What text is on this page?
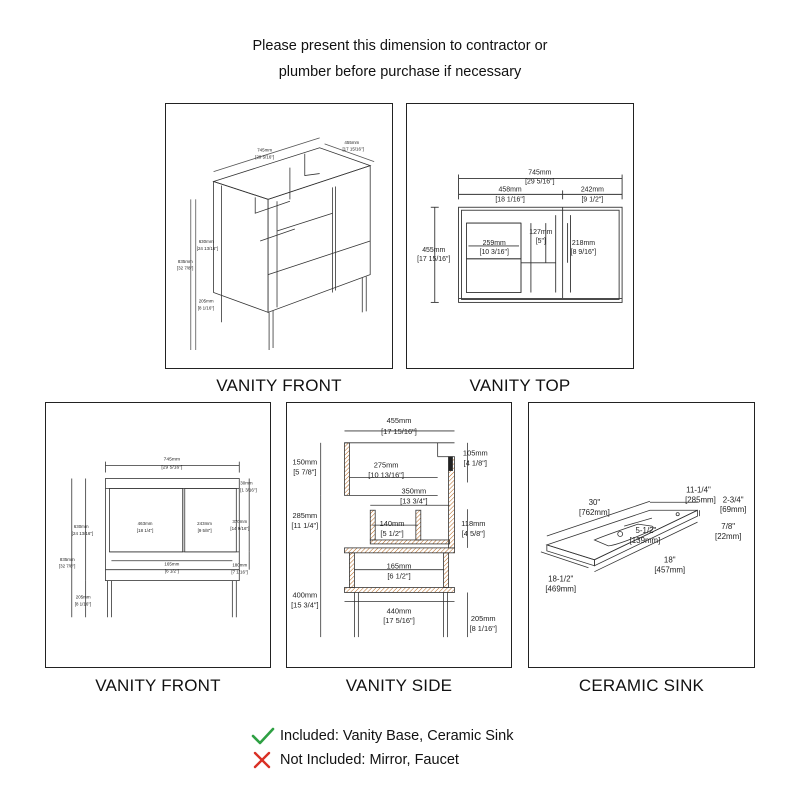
Please present this dimension to contractor or
plumber before purchase if necessary
745mm
[29 5/16"]
455mm
[17 15/16"]
630mm
[24 13/16"]
835mm
[32 7/8"]
205mm
[8 1/16"]
VANITY FRONT
745mm
[29 5/16"]
458mm
[18 1/16"]
242mm
[9 1/2"]
455mm
[17 15/16"]
259mm
[10 3/16"]
127mm
[5"]	218mm
[8 9/16"]
VANITY TOP
745mm
[29 5/16"]
30mm
[1 3/16"]
630mm
[24 13/16"]
463mm
[18 1/4"]
243mm
[9 5/8"]
370mm
[14 9/16"]
835mm
[32 7/8"]	165mm
[6 1/2"]
180mm
[7 1/16"]
205mm
[8 1/16"]
VANITY FRONT
455mm
[17 15/16"]
150mm
[5 7/8"]
275mm
[10 13/16"]
105mm
[4 1/8"]
350mm
[13 3/4"]
285mm
[11 1/4"]	140mm
[5 1/2"]
118mm
[4 5/8"]
165mm
[6 1/2"]
400mm
[15 3/4"]
440mm
[17 5/16"]	205mm
[8 1/16"]
VANITY SIDE
30"
[762mm]
11-1/4"
[285mm] 2-3/4"
[69mm]
5-1/2"
[139mm]
7/8"
[22mm]
18"
[457mm]
18-1/2"
[469mm]
CERAMIC SINK
Included: Vanity Base, Ceramic Sink
Not Included: Mirror, Faucet
